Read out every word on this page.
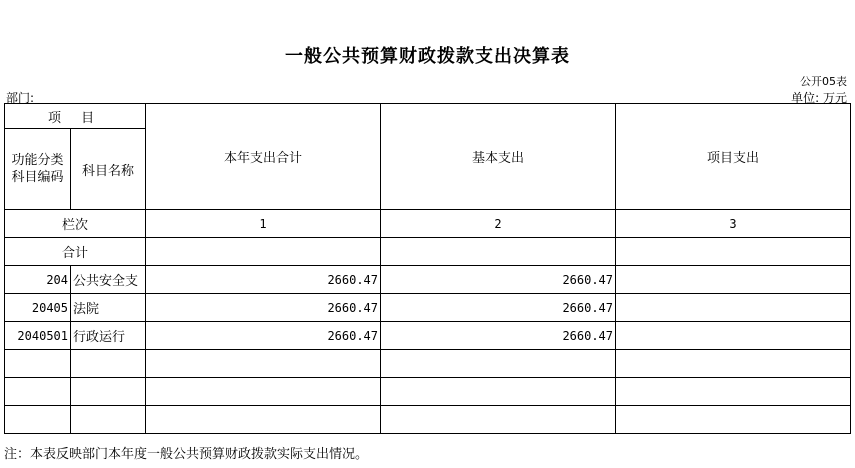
一般公共预算财政拨款支出决算表
公开05表
部门:	单位: 万元
项 目		本年支出合计	基本支出	项目支出
功能分类科目编码	科目名称			
栏次		1	2	3
合计				
204	公共安全支	2660.47	2660.47	
20405	法院	2660.47	2660.47	
2040501	行政运行	2660.47	2660.47	

注：本表反映部门本年度一般公共预算财政拨款实际支出情况。
